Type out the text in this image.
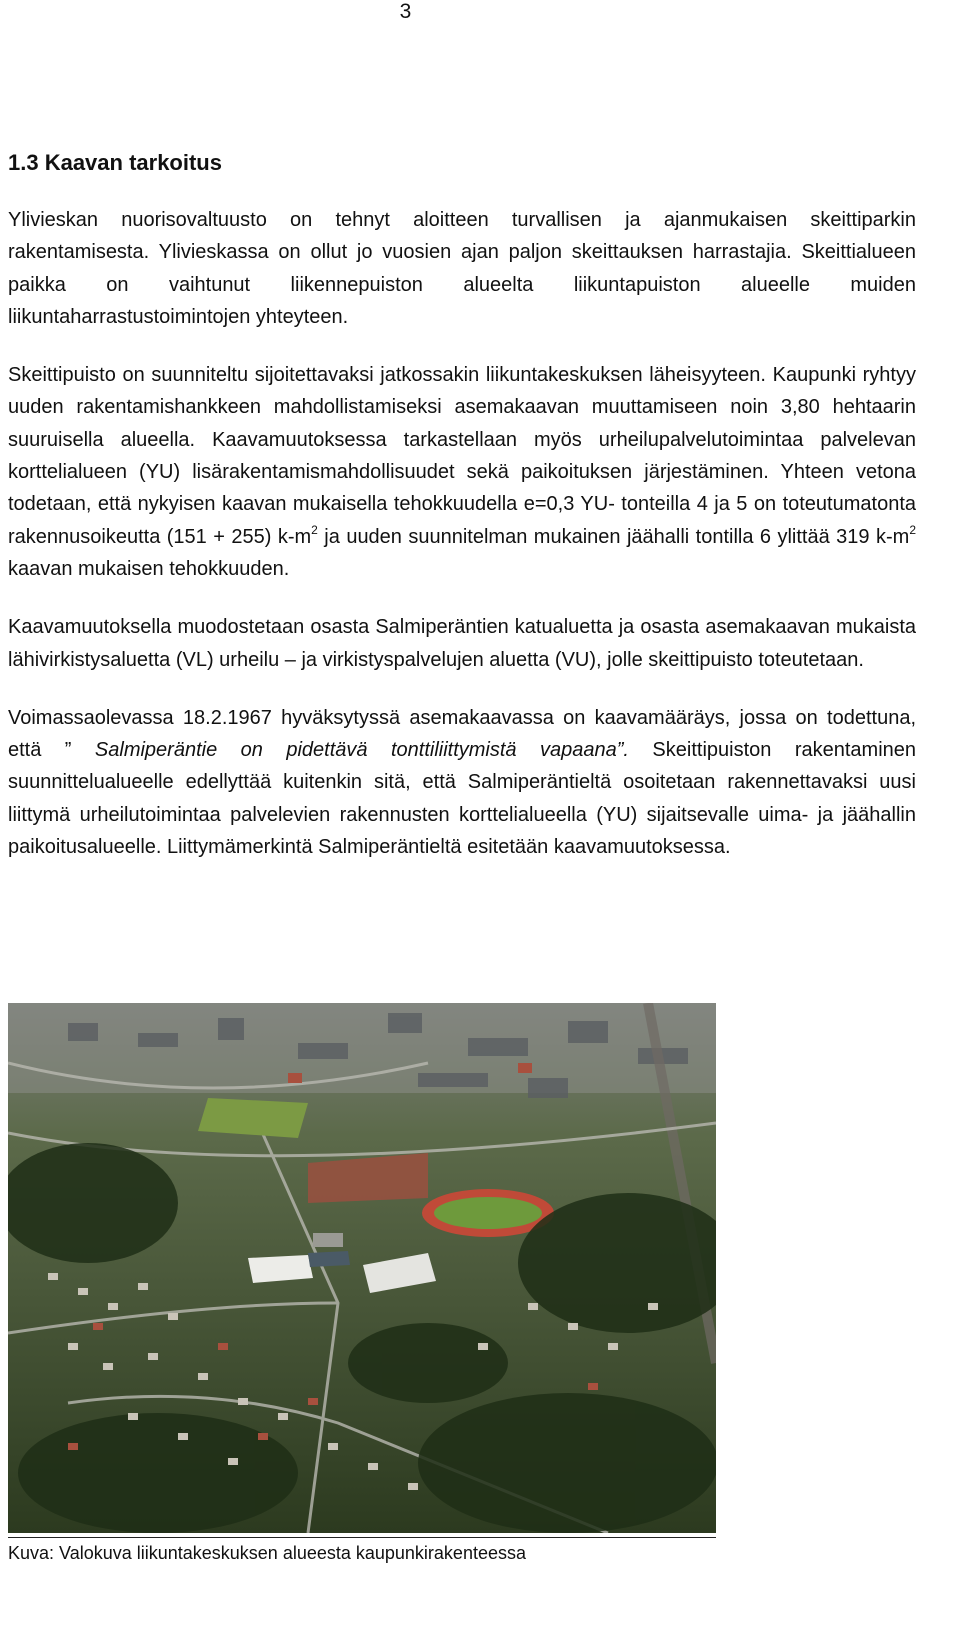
3
1.3 Kaavan tarkoitus

Ylivieskan nuorisovaltuusto on tehnyt aloitteen turvallisen ja ajanmukaisen skeittiparkin rakentamisesta. Ylivieskassa on ollut jo vuosien ajan paljon skeittauksen harrastajia. Skeittialueen paikka on vaihtunut liikennepuiston alueelta liikuntapuiston alueelle muiden liikuntaharrastustoimintojen yhteyteen.

Skeittipuisto on suunniteltu sijoitettavaksi jatkossakin liikuntakeskuksen läheisyyteen. Kaupunki ryhtyy uuden rakentamishankkeen mahdollistamiseksi asemakaavan muuttamiseen noin 3,80 hehtaarin suuruisella alueella. Kaavamuutoksessa tarkastellaan myös urheilupalvelutoimintaa palvelevan korttelialueen (YU) lisärakentamismahdollisuudet sekä paikoituksen järjestäminen. Yhteen vetona todetaan, että nykyisen kaavan mukaisella tehokkuudella e=0,3 YU- tonteilla 4 ja 5 on toteutumatonta rakennusoikeutta (151 + 255) $k-m^2$ ja uuden suunnitelman mukainen jäähalli tontilla 6 ylittää 319 $k-m^2$ kaavan mukaisen tehokkuuden.

Kaavamuutoksella muodostetaan osasta Salmiperäntien katualuetta ja osasta asemakaavan mukaista lähivirkistysaluetta (VL) urheilu – ja virkistyspalvelujen aluetta (VU), jolle skeittipuisto toteutetaan.

Voimassaolevassa 18.2.1967 hyväksytyssä asemakaavassa on kaavamääräys, jossa on todettuna, että ” Salmiperäntie on pidettävä tonttiliittymistä vapaana”. Skeittipuiston rakentaminen suunnittelualueelle edellyttää kuitenkin sitä, että Salmiperäntieltä osoitetaan rakennettavaksi uusi liittymä urheilutoimintaa palvelevien rakennusten korttelialueella (YU) sijaitsevalle uima- ja jäähallin paikoitusalueelle. Liittymämerkintä Salmiperäntieltä esitetään kaavamuutoksessa.

Kuva: Valokuva liikuntakeskuksen alueesta kaupunkirakenteessa
